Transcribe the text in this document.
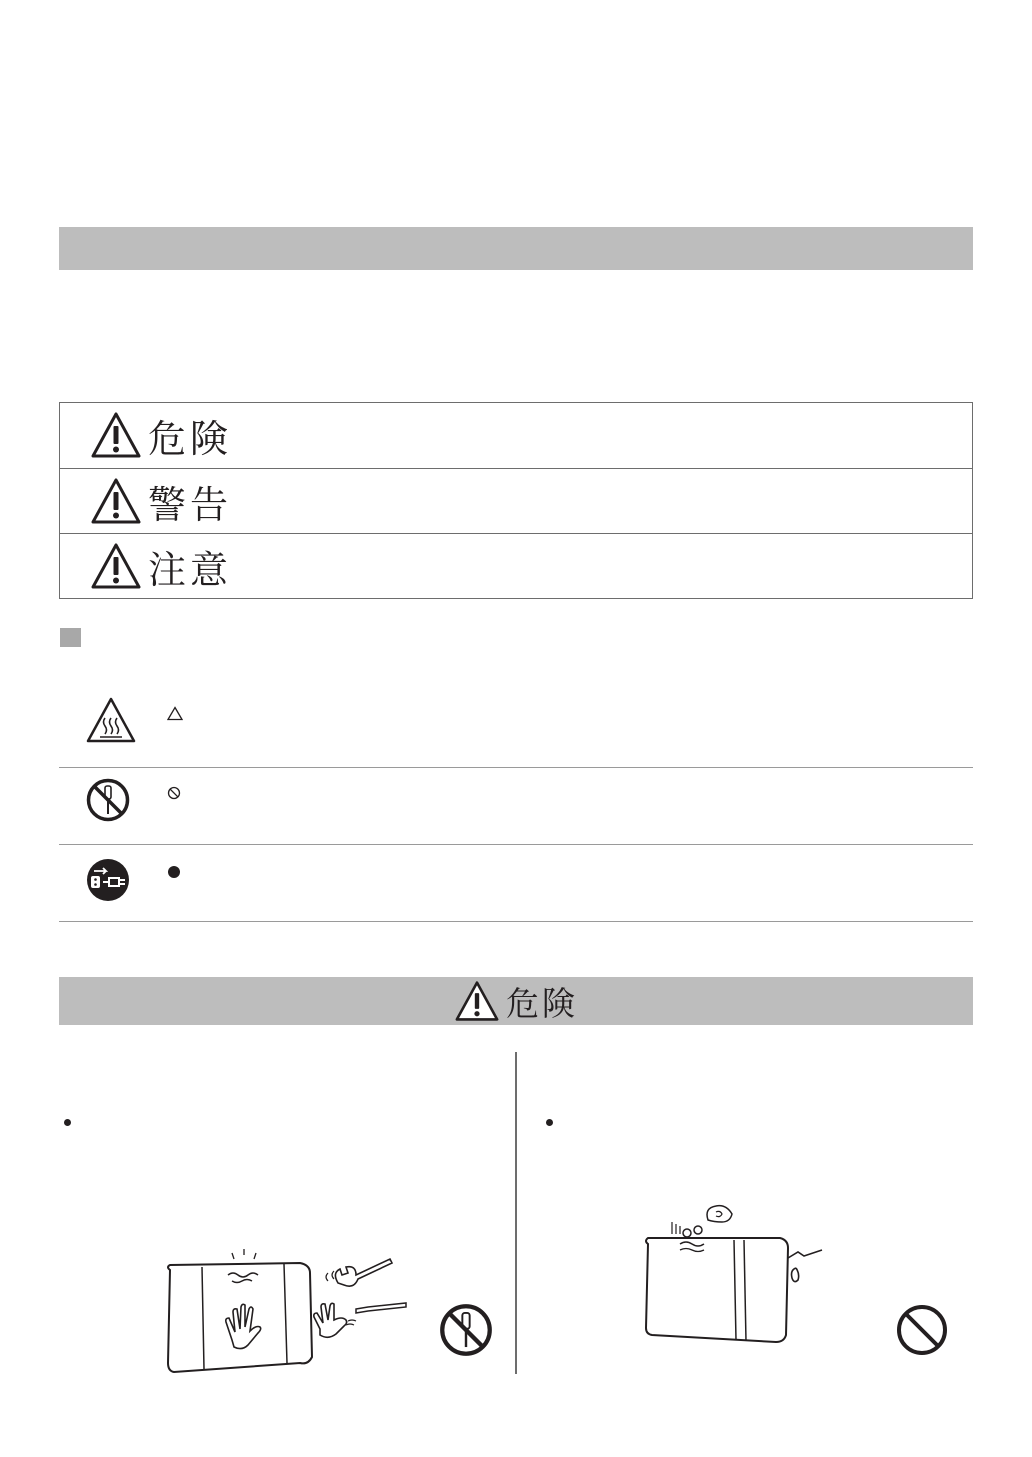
危険
警告
注意
危険
